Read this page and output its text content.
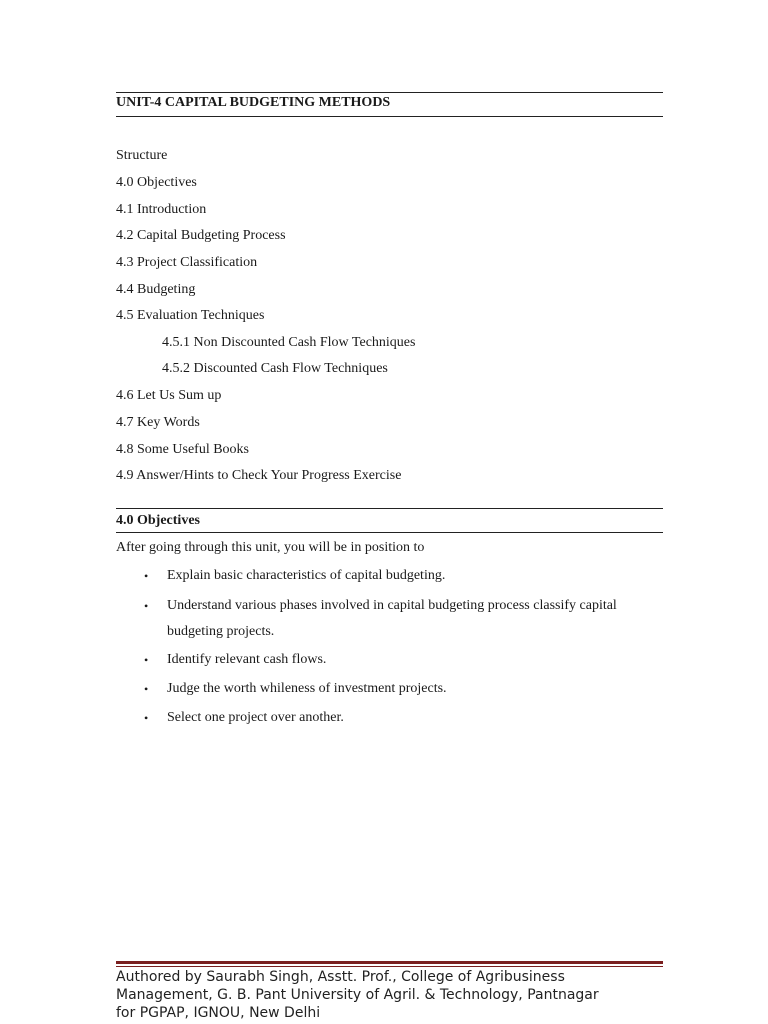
UNIT-4 CAPITAL BUDGETING METHODS
Structure
4.0 Objectives
4.1 Introduction
4.2 Capital Budgeting Process
4.3 Project Classification
4.4 Budgeting
4.5 Evaluation Techniques
4.5.1 Non Discounted Cash Flow Techniques
4.5.2 Discounted Cash Flow Techniques
4.6 Let Us Sum up
4.7 Key Words
4.8 Some Useful Books
4.9 Answer/Hints to Check Your Progress Exercise
4.0 Objectives
After going through this unit, you will be in position to
• Explain basic characteristics of capital budgeting.
• Understand various phases involved in capital budgeting process classify capital
budgeting projects.
• Identify relevant cash flows.
• Judge the worth whileness of investment projects.
• Select one project over another.
Authored by Saurabh Singh, Asstt. Prof., College of Agribusiness
Management, G. B. Pant University of Agril. & Technology, Pantnagar
for PGPAP, IGNOU, New Delhi
